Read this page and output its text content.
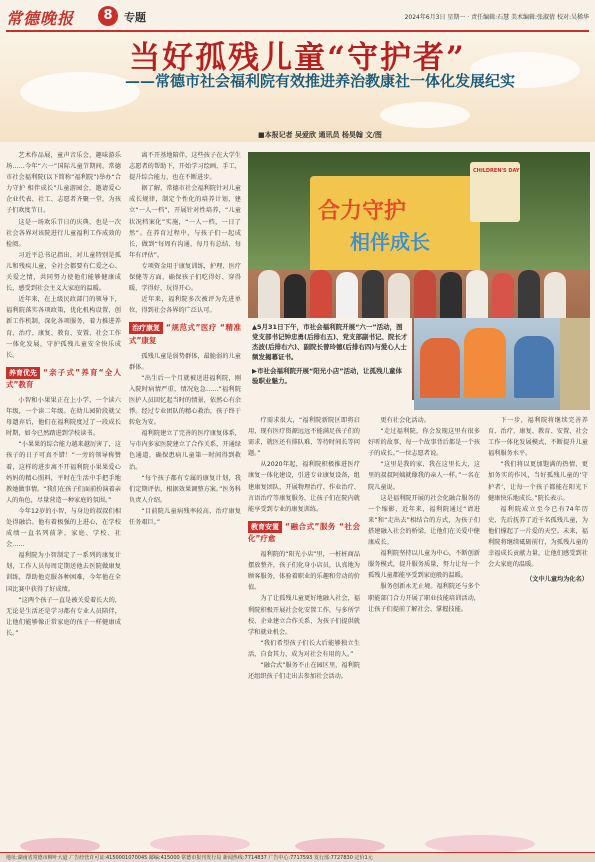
常德晚报	8	专题	2024年6月3日 星期一 · 责任编辑:石慧 美术编辑:张淑倩 校对:吴稀华
当好孤残儿童“守护者”
——常德市社会福利院有效推进养治教康社一体化发展纪实
■本报记者 吴爱欣 通讯员 杨昊翰 文/图

艺术作品展，童声音乐会，趣味游乐场……今年“六一”国际儿童节期间，常德市社会福利院(以下简称“福利院”)举办“合力守护 相伴成长”儿童游园会，邀请爱心企业代表、社工、志愿者齐聚一堂，为孩子们欢度节日。

这是一场欢乐节日的庆典，也是一次社会各界对该院进行儿童福利工作成效的检阅。

习近平总书记指出，对儿童特别是孤儿和残疾儿童，全社会都要有仁爱之心、关爱之情，共同努力使他们能够健康成长，感受到社会主义大家庭的温暖。

近年来，在上级民政部门的领导下，福利院落实各项政策，优化机构设置，创新工作机制，深化各项服务，着力推进养育、治疗、康复、教育、安置、社会工作一体化发展，守护孤残儿童安全快乐成长。

养育优先 “亲子式”养育“全人式”教育

小智和小果果正在上小学，一个读六年级，一个读二年级。在幼儿园阶段就父母遗弃后，他们在福利院度过了一段成长时期，如今已然踏进到学校读书。

“小果果的综合能力越来越厉害了，这孩子的日子可真不错！”一旁的领导称赞着，这样的进步离不开福利院小果果爱心妈妈的精心照料，平时在生活中手把手地教她做事情。“我们在孩子们面前扮演着亲人的角色，尽量营造一种家庭的氛围。”

今年12岁的小智，与身边的叔叔们相处得融洽。他有着极强的上进心，在学校成绩一直名列前茅，家庭、学校、社会……

福利院为小智制定了一系列的康复计划，工作人员每周定期送他去医院做康复训练，帮助他克服各种困难，今年他在全国比赛中获得了好成绩。

“这两个孩子一直是被关爱着长大的，无论是生活还是学习都有专业人员陪伴，让他们能够像正常家庭的孩子一样健康成长。”

离不开基地陪伴，这些孩子在大学生志愿者的帮助下，开始学习绘画、手工，提升综合能力，也在不断进步。

据了解，常德市社会福利院针对儿童成长规律，制定个性化的培养计划，建立“一人一档”，开展针对性培养，“儿童状况档案化”实施，“一人一档，一日了然”。在养育过程中，与孩子们一起成长，做到“每周有沟通、每月有总结、每年有评估”。

专项资金用于康复训练，护理、医疗保健等方面，确保孩子们吃得好、穿得暖、学得好、玩得开心。

近年来，福利院多次被评为先进单位，得到社会各界的广泛认可。

治疗康复 “规范式”医疗 “精准式”康复

孤残儿童是弱势群体，最脆弱的儿童群体。

“出生后一个月就被送进福利院，刚入院时病情严重，情况危急……”福利院医护人员回忆起当时的情景，依然心有余悸。经过专业团队的精心救治，孩子终于转危为安。

福利院建立了完善的医疗康复体系，与市内多家医院建立了合作关系，开通绿色通道，确保患病儿童第一时间得到救治。

“每个孩子都有专属的康复计划，我们定期评估，根据效果调整方案。”医务科负责人介绍。

“目前院儿童病残率较高，治疗康复任务艰巨。”

合力守护
相伴成长
CHILDREN'S DAY
▲5月31日下午，市社会福利院开展“六一”活动，图党支部书记钟忠勇(后排右五)、党支部副书记、院长才杰波(后排右六)、副院长曾玲德(后排右四)与爱心人士频发揭幕证书。
▶市社会福利院开展“阳光小店”活动，让孤残儿童体验职业魅力。

疗需求很大，“福利院新院区即将启用，现有医疗资源远远不能满足孩子们的需求，就医还有排队难、等待时间长等问题。”

从2020年起，福利院积极推进医疗康复一体化建设，引进专业康复设备，组建康复团队，开展物理治疗、作业治疗、言语治疗等康复服务，让孩子们在院内就能享受到专业的康复训练。

教育安置 “融合式”服务 “社会化”疗愈

福利院的“阳光小店”里，一桩桩商品摆放整齐，孩子们化身小店员，认真地为顾客服务，体验着职业的乐趣和劳动的价值。

为了让孤残儿童更好地融入社会，福利院积极开展社会化安置工作，与多所学校、企业建立合作关系，为孩子们提供就学和就业机会。

“我们希望孩子们长大后能够独立生活，自食其力，成为对社会有用的人。”

“融合式”服务不止在园区里，福利院还组织孩子们走出去参加社会活动。

更有社会化活动。

“走过福利院，你会发现这里有很多好听的故事，每一个故事背后都是一个孩子的成长。”一位志愿者说。

“这里是我的家，我在这里长大，这里的叔叔阿姨就像我的亲人一样。”一名在院儿童说。

这是福利院开展的社会化融合服务的一个缩影，近年来，福利院通过“请进来”和“走出去”相结合的方式，为孩子们搭建融入社会的桥梁，让他们在关爱中健康成长。

福利院坚持以儿童为中心，不断创新服务模式，提升服务质量，努力让每一个孤残儿童都能享受到家庭般的温暖。

服务创新永无止境。福利院还与多个职能部门合力开展了职业技能培训活动，让孩子们提前了解社会、掌握技能。

下一步，福利院将继续完善养育、治疗、康复、教育、安置、社会工作一体化发展模式，不断提升儿童福利服务水平。

“我们将以更加饱满的热情、更加务实的作风，当好孤残儿童的‘守护者’，让每一个孩子都能在阳光下健康快乐地成长。”院长表示。

福利院成立至今已有74年历史，先后抚养了近千名孤残儿童，为他们撑起了一片爱的天空。未来，福利院将继续砥砺前行，为孤残儿童的幸福成长贡献力量，让他们感受到社会大家庭的温暖。

（文中儿童均为化名）
地址:湖南省常德市柳叶大道 广告经营许可证:4150001070045 邮编:415000 常德市报刊发行局 新闻热线:7714837 广告中心:7717593 发行部:7727830 定价1元
